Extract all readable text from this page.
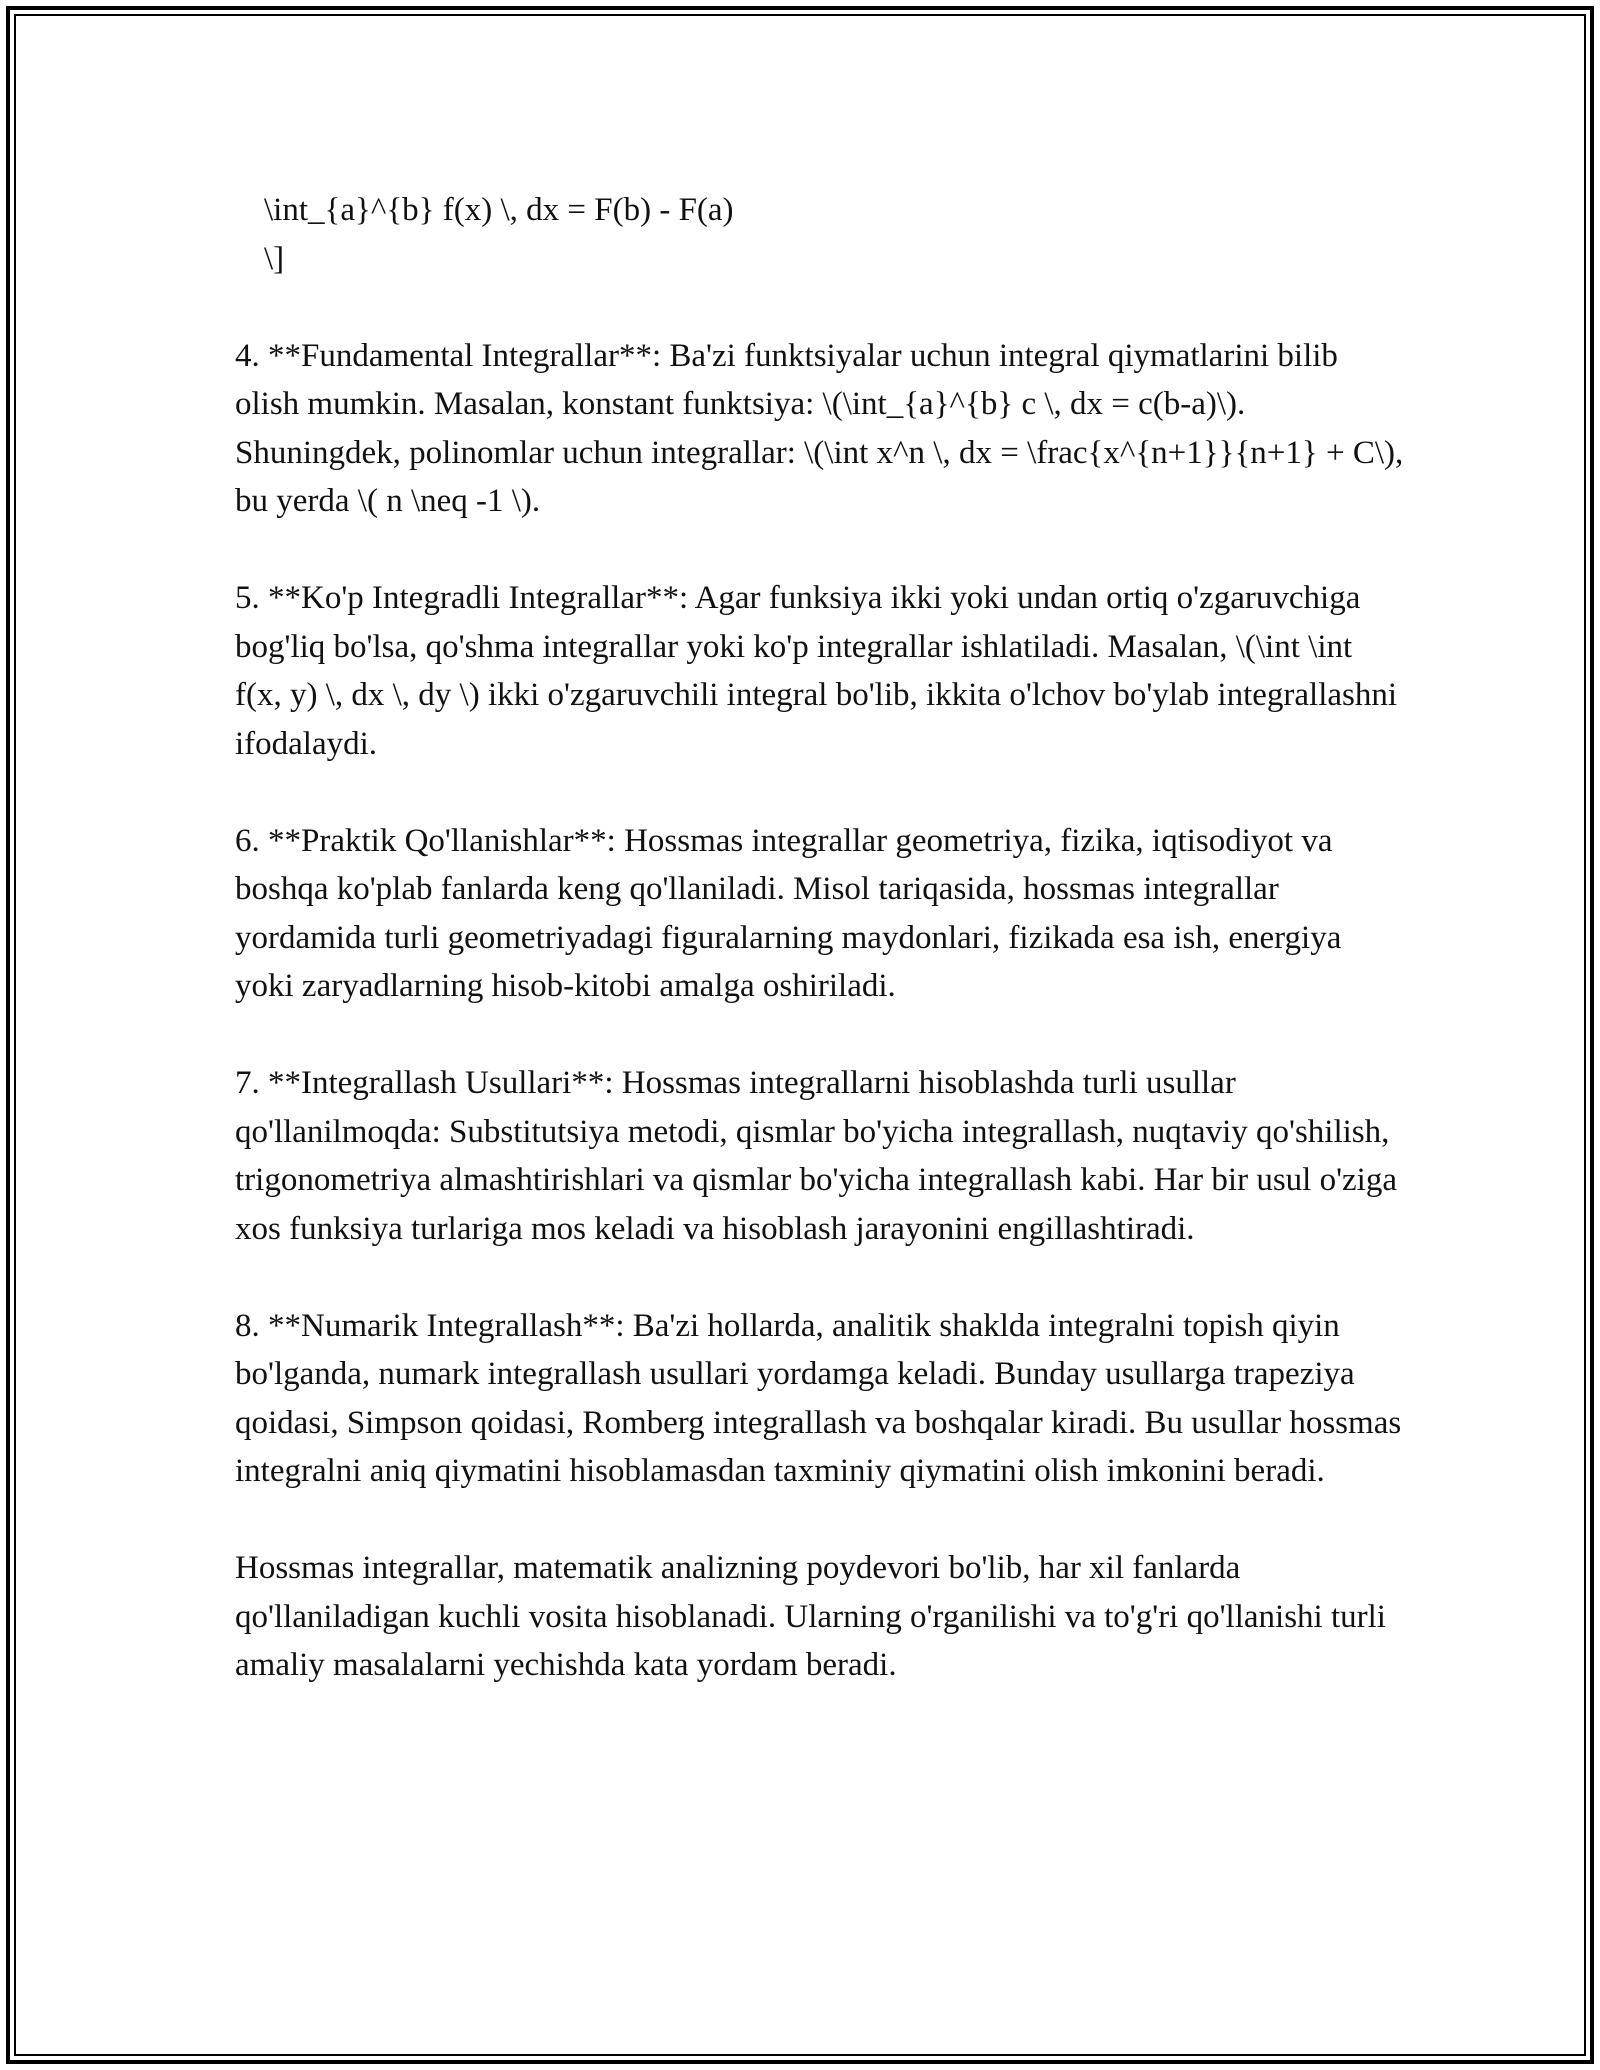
\int_{a}^{b} f(x) \, dx = F(b) - F(a)
\]

4. **Fundamental Integrallar**: Ba'zi funktsiyalar uchun integral qiymatlarini bilib olish mumkin. Masalan, konstant funktsiya: \(\int_{a}^{b} c \, dx = c(b-a)\). Shuningdek, polinomlar uchun integrallar: \(\int x^n \, dx = \frac{x^{n+1}}{n+1} + C\), bu yerda \( n \neq -1 \).

5. **Ko'p Integradli Integrallar**: Agar funksiya ikki yoki undan ortiq o'zgaruvchiga bog'liq bo'lsa, qo'shma integrallar yoki ko'p integrallar ishlatiladi. Masalan, \(\int \int f(x, y) \, dx \, dy \) ikki o'zgaruvchili integral bo'lib, ikkita o'lchov bo'ylab integrallashni ifodalaydi.

6. **Praktik Qo'llanishlar**: Hossmas integrallar geometriya, fizika, iqtisodiyot va boshqa ko'plab fanlarda keng qo'llaniladi. Misol tariqasida, hossmas integrallar yordamida turli geometriyadagi figuralarning maydonlari, fizikada esa ish, energiya yoki zaryadlarning hisob-kitobi amalga oshiriladi.

7. **Integrallash Usullari**: Hossmas integrallarni hisoblashda turli usullar qo'llanilmoqda: Substitutsiya metodi, qismlar bo'yicha integrallash, nuqtaviy qo'shilish, trigonometriya almashtirishlari va qismlar bo'yicha integrallash kabi. Har bir usul o'ziga xos funksiya turlariga mos keladi va hisoblash jarayonini engillashtiradi.

8. **Numarik Integrallash**: Ba'zi hollarda, analitik shaklda integralni topish qiyin bo'lganda, numark integrallash usullari yordamga keladi. Bunday usullarga trapeziya qoidasi, Simpson qoidasi, Romberg integrallash va boshqalar kiradi. Bu usullar hossmas integralni aniq qiymatini hisoblamasdan taxminiy qiymatini olish imkonini beradi.

Hossmas integrallar, matematik analizning poydevori bo'lib, har xil fanlarda qo'llaniladigan kuchli vosita hisoblanadi. Ularning o'rganilishi va to'g'ri qo'llanishi turli amaliy masalalarni yechishda kata yordam beradi.
